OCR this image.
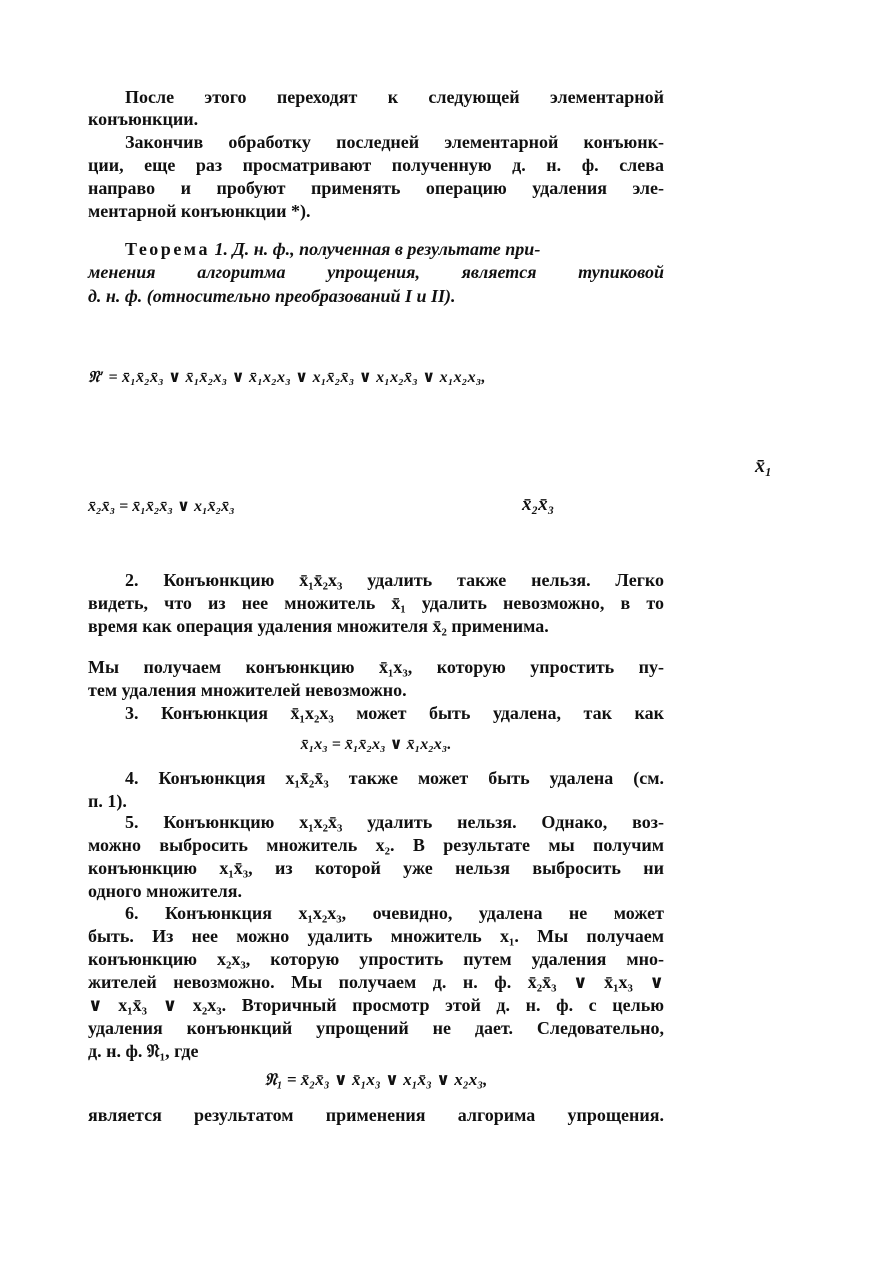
После этого переходят к следующей элементарной
конъюнкции.
Закончив обработку последней элементарной конъюнк-
ции, еще раз просматривают полученную д. н. ф. слева
направо и пробуют применять операцию удаления эле-
ментарной конъюнкции *).
Теорема 1. Д. н. ф., полученная в результате при-
менения алгоритма упрощения, является тупиковой
д. н. ф. (относительно преобразований I и II).
𝔑′ = x̄₁x̄₂x̄₃ ∨ x̄₁x̄₂x₃ ∨ x̄₁x₂x₃ ∨ x₁x̄₂x̄₃ ∨ x₁x₂x̄₃ ∨ x₁x₂x₃,
x̄₁
x̄₂x̄₃ = x̄₁x̄₂x̄₃ ∨ x₁x̄₂x̄₃	x̄₂x̄₃
2. Конъюнкцию x̄₁x̄₂x₃ удалить также нельзя. Легко
видеть, что из нее множитель x̄₁ удалить невозможно, в то
время как операция удаления множителя x̄₂ применима.
Мы получаем конъюнкцию x̄₁x₃, которую упростить пу-
тем удаления множителей невозможно.
3. Конъюнкция x̄₁x₂x₃ может быть удалена, так как
x̄₁x₃ = x̄₁x̄₂x₃ ∨ x̄₁x₂x₃.
4. Конъюнкция x₁x̄₂x̄₃ также может быть удалена (см.
п. 1).
5. Конъюнкцию x₁x₂x̄₃ удалить нельзя. Однако, воз-
можно выбросить множитель x₂. В результате мы получим
конъюнкцию x₁x̄₃, из которой уже нельзя выбросить ни
одного множителя.
6. Конъюнкция x₁x₂x₃, очевидно, удалена не может
быть. Из нее можно удалить множитель x₁. Мы получаем
конъюнкцию x₂x₃, которую упростить путем удаления мно-
жителей невозможно. Мы получаем д. н. ф. x̄₂x̄₃ ∨ x̄₁x₃ ∨
∨ x₁x̄₃ ∨ x₂x₃. Вторичный просмотр этой д. н. ф. с целью
удаления конъюнкций упрощений не дает. Следовательно,
д. н. ф. 𝔑₁, где
𝔑₁ = x̄₂x̄₃ ∨ x̄₁x₃ ∨ x₁x̄₃ ∨ x₂x₃,
является результатом применения алгорима упрощения.
